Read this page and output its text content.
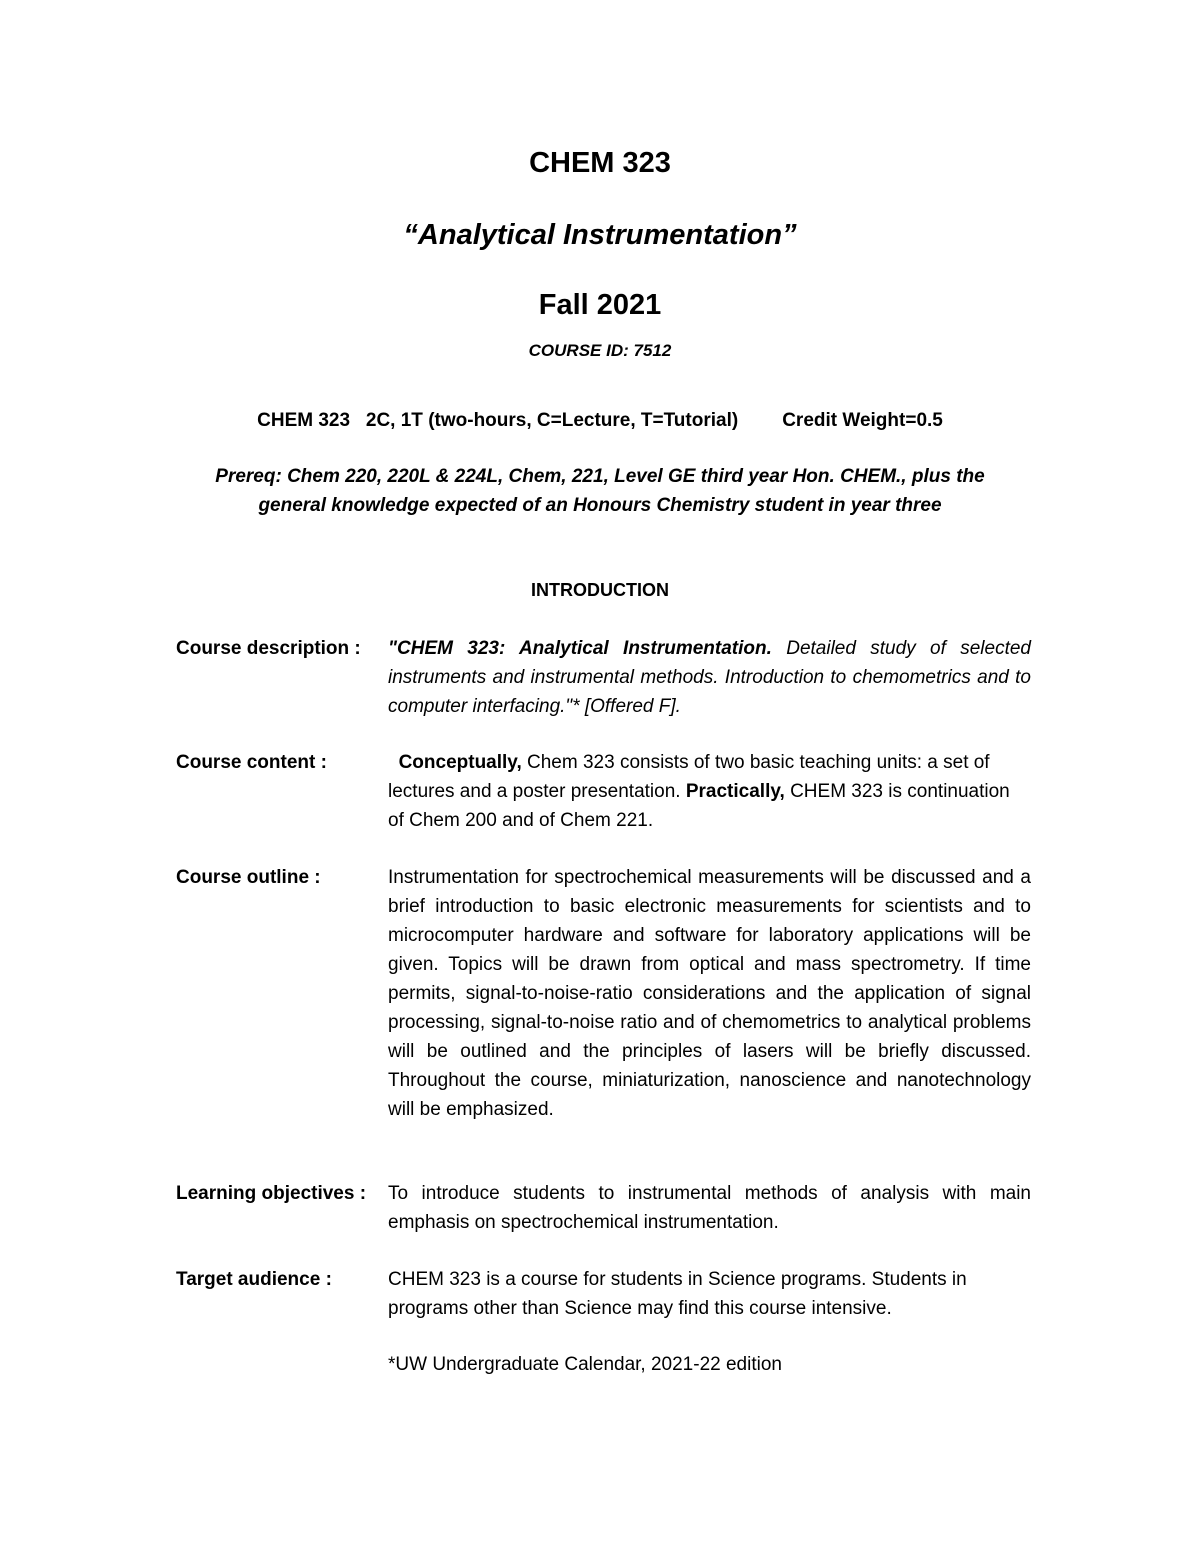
CHEM 323
“Analytical Instrumentation”
Fall 2021
COURSE ID: 7512
CHEM 323   2C, 1T (two-hours, C=Lecture, T=Tutorial) Credit Weight=0.5
Prereq: Chem 220, 220L & 224L, Chem, 221, Level GE third year Hon. CHEM., plus the
general knowledge expected of an Honours Chemistry student in year three
INTRODUCTION
Course description :	"CHEM 323: Analytical Instrumentation. Detailed study of selected instruments and instrumental methods. Introduction to chemometrics and to computer interfacing."* [Offered F].
Course content :	Conceptually, Chem 323 consists of two basic teaching units: a set of lectures and a poster presentation. Practically, CHEM 323 is continuation of Chem 200 and of Chem 221.
Course outline :	Instrumentation for spectrochemical measurements will be discussed and a brief introduction to basic electronic measurements for scientists and to microcomputer hardware and software for laboratory applications will be given. Topics will be drawn from optical and mass spectrometry. If time permits, signal-to-noise-ratio considerations and the application of signal processing, signal-to-noise ratio and of chemometrics to analytical problems will be outlined and the principles of lasers will be briefly discussed. Throughout the course, miniaturization, nanoscience and nanotechnology will be emphasized.
Learning objectives :	To introduce students to instrumental methods of analysis with main emphasis on spectrochemical instrumentation.
Target audience :	CHEM 323 is a course for students in Science programs. Students in programs other than Science may find this course intensive.
*UW Undergraduate Calendar, 2021-22 edition
